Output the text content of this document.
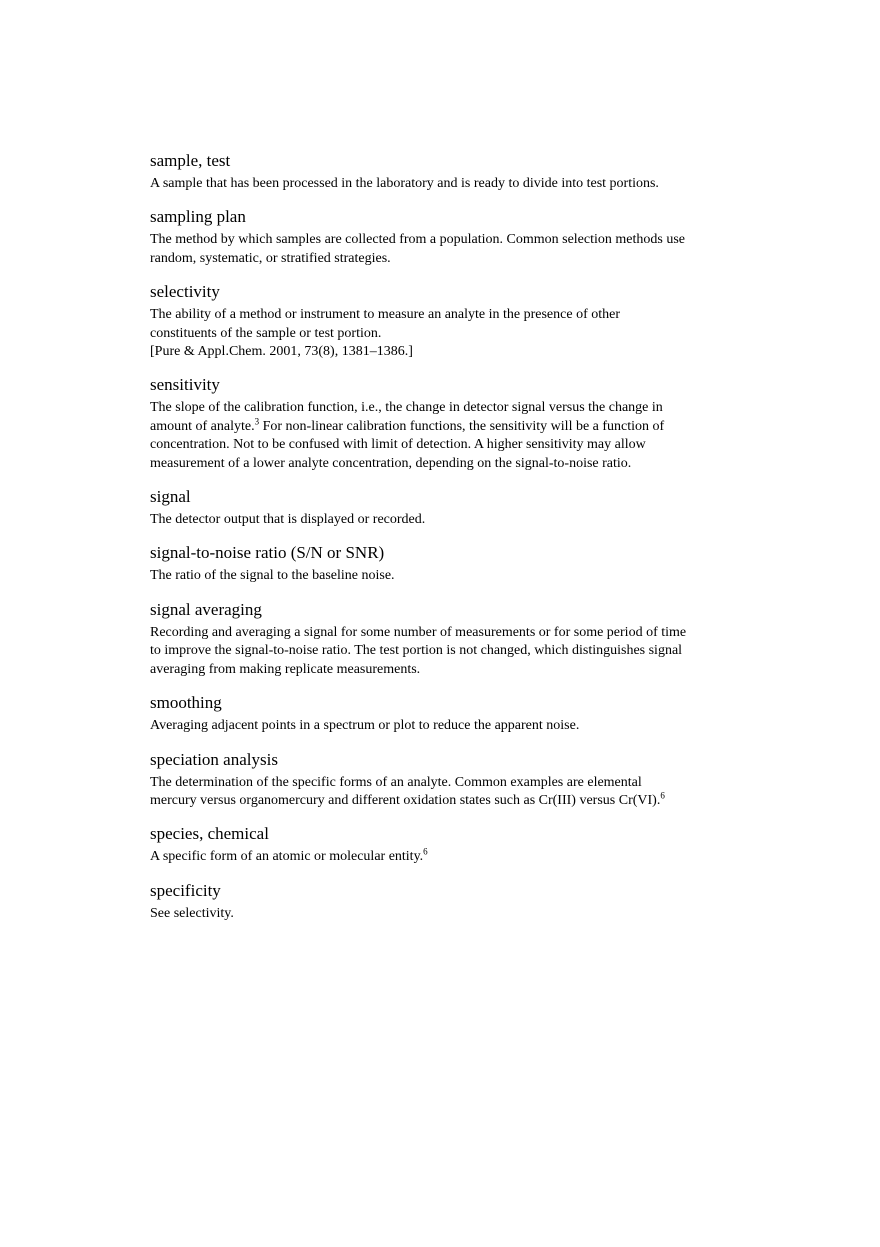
sample, test
A sample that has been processed in the laboratory and is ready to divide into test portions.
sampling plan
The method by which samples are collected from a population. Common selection methods use
random, systematic, or stratified strategies.
selectivity
The ability of a method or instrument to measure an analyte in the presence of other
constituents of the sample or test portion.
[Pure & Appl.Chem. 2001, 73(8), 1381–1386.]
sensitivity
The slope of the calibration function, i.e., the change in detector signal versus the change in
amount of analyte.$^3$ For non-linear calibration functions, the sensitivity will be a function of
concentration. Not to be confused with limit of detection. A higher sensitivity may allow
measurement of a lower analyte concentration, depending on the signal-to-noise ratio.
signal
The detector output that is displayed or recorded.
signal-to-noise ratio (S/N or SNR)
The ratio of the signal to the baseline noise.
signal averaging
Recording and averaging a signal for some number of measurements or for some period of time
to improve the signal-to-noise ratio. The test portion is not changed, which distinguishes signal
averaging from making replicate measurements.
smoothing
Averaging adjacent points in a spectrum or plot to reduce the apparent noise.
speciation analysis
The determination of the specific forms of an analyte. Common examples are elemental
mercury versus organomercury and different oxidation states such as Cr(III) versus Cr(VI).$^6$
species, chemical
A specific form of an atomic or molecular entity.$^6$
specificity
See selectivity.
